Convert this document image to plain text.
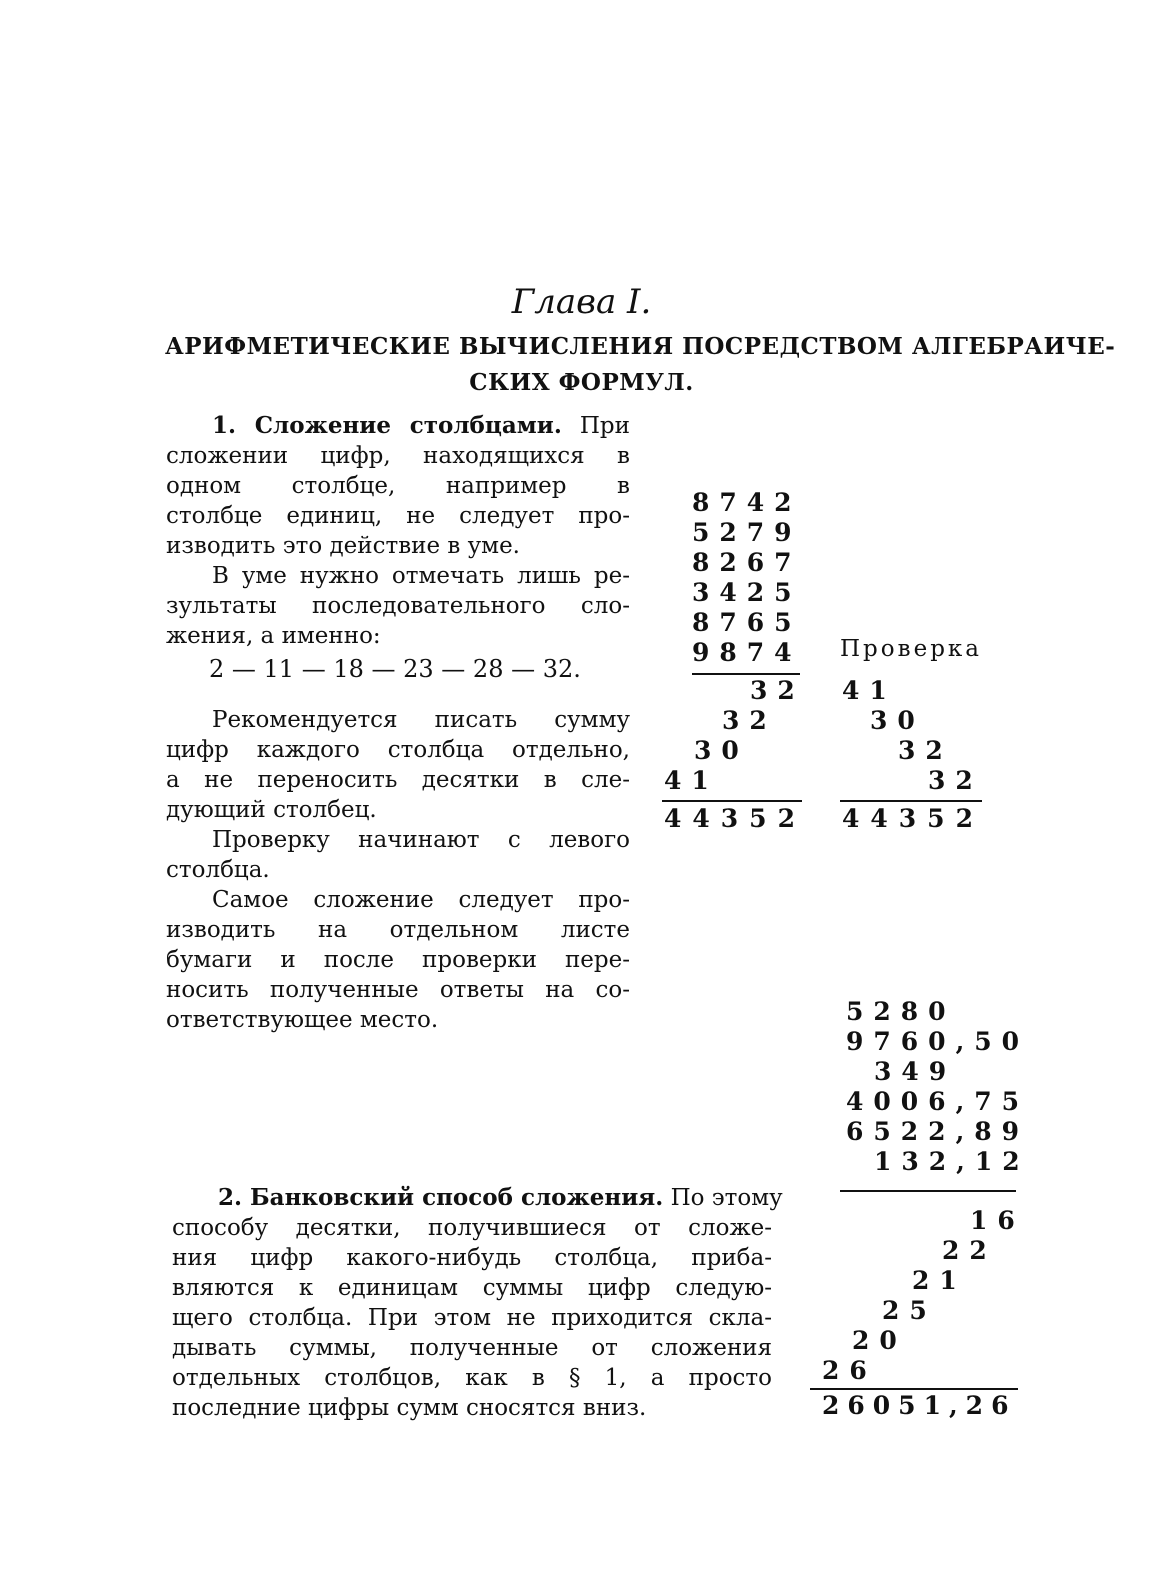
Глава I.
АРИФМЕТИЧЕСКИЕ ВЫЧИСЛЕНИЯ ПОСРЕДСТВОМ АЛГЕБРАИЧЕ-
СКИХ ФОРМУЛ.
1. Сложение столбцами. При
сложении цифр, находящихся в
одном столбце, например в
столбце единиц, не следует про-
изводить это действие в уме.
В уме нужно отмечать лишь ре-
зультаты последовательного сло-
жения, а именно:
2 — 11 — 18 — 23 — 28 — 32.
Рекомендуется писать сумму
цифр каждого столбца отдельно,
а не переносить десятки в сле-
дующий столбец.
Проверку начинают с левого
столбца.
Самое сложение следует про-
изводить на отдельном листе
бумаги и после проверки пере-
носить полученные ответы на со-
ответствующее место.
8742
5279
8267
3425
8765
9874
32
32
30
41
44352
Проверка
41
30
32
32
44352
2. Банковский способ сложения. По этому
способу десятки, получившиеся от сложе-
ния цифр какого-нибудь столбца, приба-
вляются к единицам суммы цифр следую-
щего столбца. При этом не приходится скла-
дывать суммы, полученные от сложения
отдельных столбцов, как в § 1, а просто
последние цифры сумм сносятся вниз.
5280
9760,50
349
4006,75
6522,89
132,12
16
22
21
25
20
26
26051,26
